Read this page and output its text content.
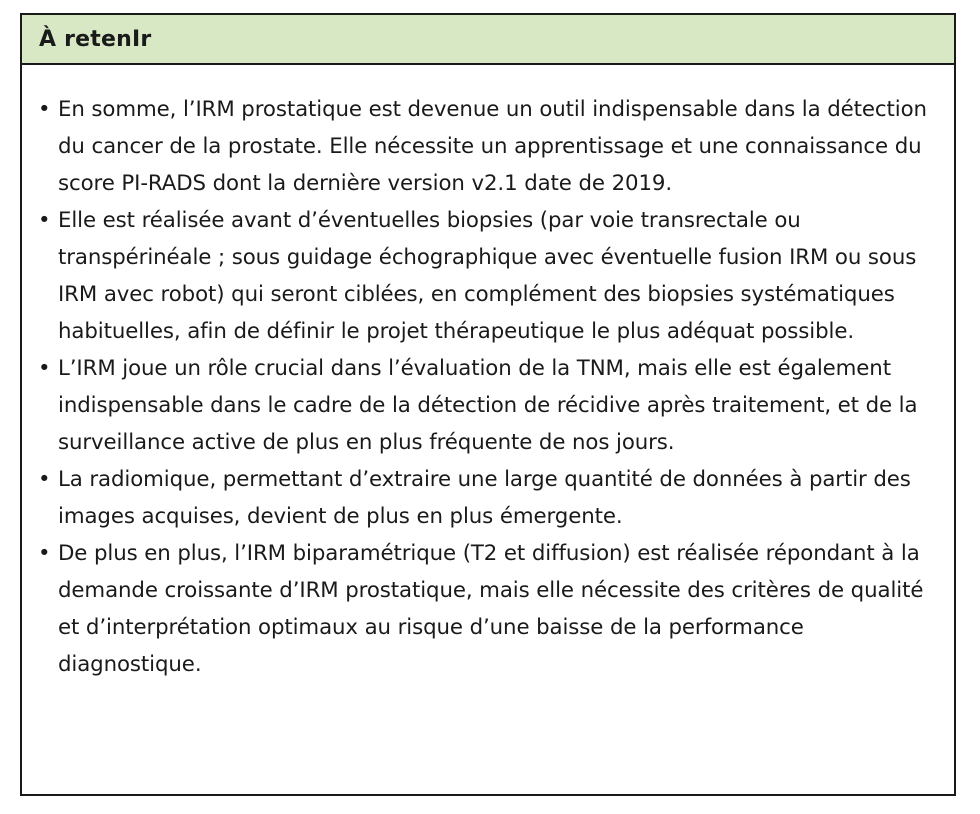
À retenIr
• En somme, l’IRM prostatique est devenue un outil indispensable dans la détection du cancer de la prostate. Elle nécessite un apprentissage et une connaissance du score PI-RADS dont la dernière version v2.1 date de 2019.
• Elle est réalisée avant d’éventuelles biopsies (par voie transrectale ou transpérinéale ; sous guidage échographique avec éventuelle fusion IRM ou sous IRM avec robot) qui seront ciblées, en complément des biopsies systématiques habituelles, afin de définir le projet thérapeutique le plus adéquat possible.
• L’IRM joue un rôle crucial dans l’évaluation de la TNM, mais elle est également indispensable dans le cadre de la détection de récidive après traitement, et de la surveillance active de plus en plus fréquente de nos jours.
• La radiomique, permettant d’extraire une large quantité de données à partir des images acquises, devient de plus en plus émergente.
• De plus en plus, l’IRM biparamétrique (T2 et diffusion) est réalisée répondant à la demande croissante d’IRM prostatique, mais elle nécessite des critères de qualité et d’interprétation optimaux au risque d’une baisse de la performance diagnostique.
